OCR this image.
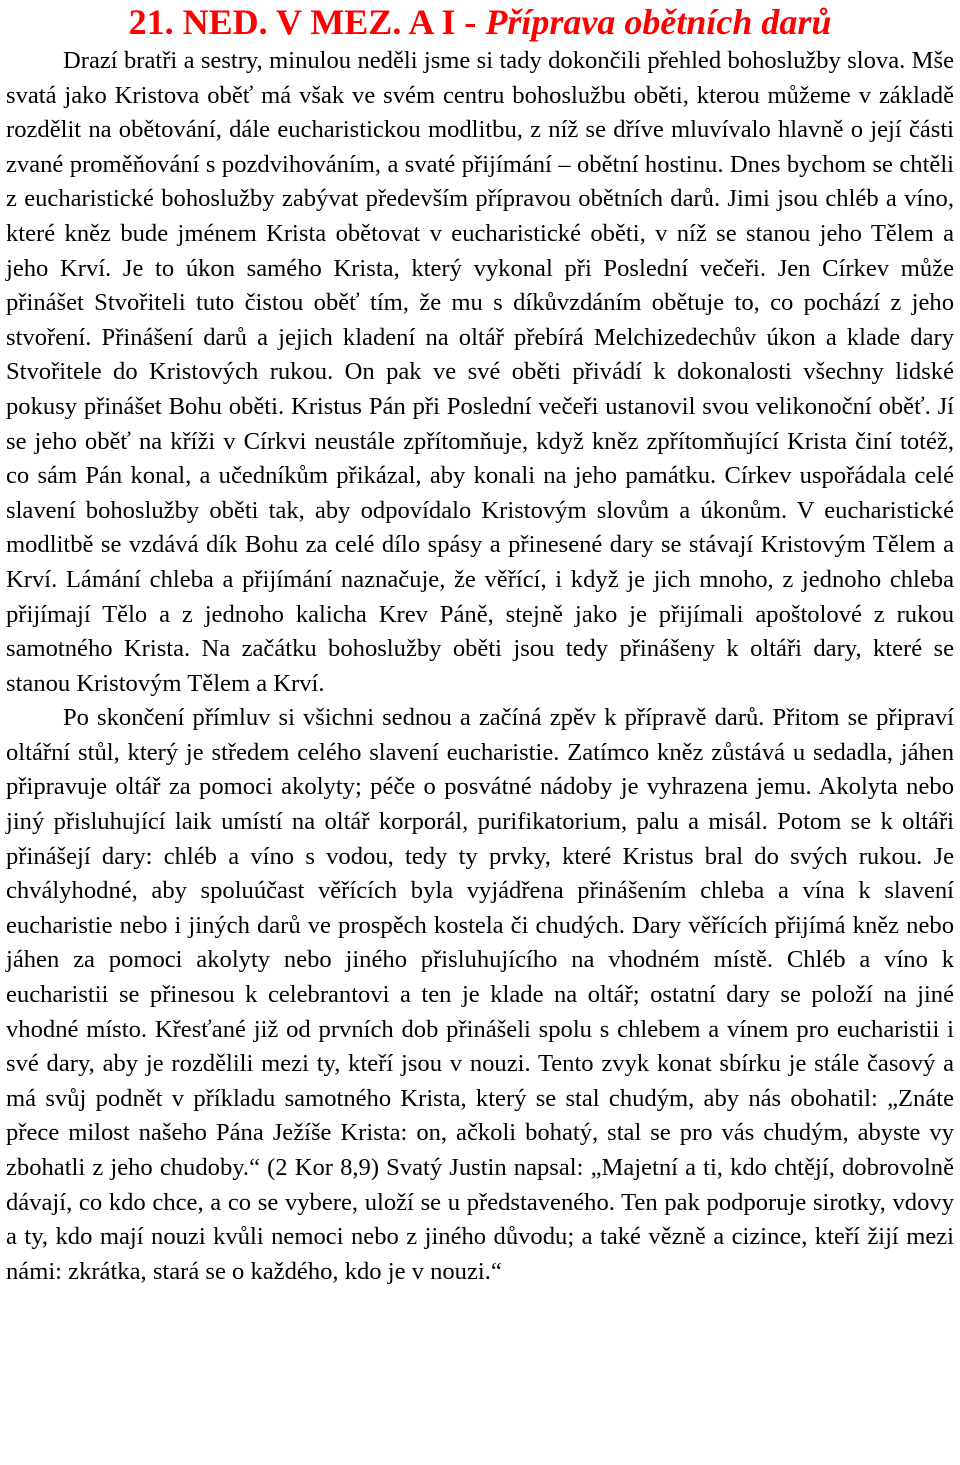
21. NED. V MEZ. A I - Příprava obětních darů

Drazí bratři a sestry, minulou neděli jsme si tady dokončili přehled bohoslužby slova. Mše svatá jako Kristova oběť má však ve svém centru bohoslužbu oběti, kterou můžeme v základě rozdělit na obětování, dále eucharistickou modlitbu, z níž se dříve mluvívalo hlavně o její části zvané proměňování s pozdvihováním, a svaté přijímání – obětní hostinu. Dnes bychom se chtěli z eucharistické bohoslužby zabývat především přípravou obětních darů. Jimi jsou chléb a víno, které kněz bude jménem Krista obětovat v eucharistické oběti, v níž se stanou jeho Tělem a jeho Krví. Je to úkon samého Krista, který vykonal při Poslední večeři. Jen Církev může přinášet Stvořiteli tuto čistou oběť tím, že mu s díkůvzdáním obětuje to, co pochází z jeho stvoření. Přinášení darů a jejich kladení na oltář přebírá Melchizedechův úkon a klade dary Stvořitele do Kristových rukou. On pak ve své oběti přivádí k dokonalosti všechny lidské pokusy přinášet Bohu oběti. Kristus Pán při Poslední večeři ustanovil svou velikonoční oběť. Jí se jeho oběť na kříži v Církvi neustále zpřítomňuje, když kněz zpřítomňující Krista činí totéž, co sám Pán konal, a učedníkům přikázal, aby konali na jeho památku. Církev uspořádala celé slavení bohoslužby oběti tak, aby odpovídalo Kristovým slovům a úkonům. V eucharistické modlitbě se vzdává dík Bohu za celé dílo spásy a přinesené dary se stávají Kristovým Tělem a Krví. Lámání chleba a přijímání naznačuje, že věřící, i když je jich mnoho, z jednoho chleba přijímají Tělo a z jednoho kalicha Krev Páně, stejně jako je přijímali apoštolové z rukou samotného Krista. Na začátku bohoslužby oběti jsou tedy přinášeny k oltáři dary, které se stanou Kristovým Tělem a Krví.

Po skončení přímluv si všichni sednou a začíná zpěv k přípravě darů. Přitom se připraví oltářní stůl, který je středem celého slavení eucharistie. Zatímco kněz zůstává u sedadla, jáhen připravuje oltář za pomoci akolyty; péče o posvátné nádoby je vyhrazena jemu. Akolyta nebo jiný přisluhující laik umístí na oltář korporál, purifikatorium, palu a misál. Potom se k oltáři přinášejí dary: chléb a víno s vodou, tedy ty prvky, které Kristus bral do svých rukou. Je chvályhodné, aby spoluúčast věřících byla vyjádřena přinášením chleba a vína k slavení eucharistie nebo i jiných darů ve prospěch kostela či chudých. Dary věřících přijímá kněz nebo jáhen za pomoci akolyty nebo jiného přisluhujícího na vhodném místě. Chléb a víno k eucharistii se přinesou k celebrantovi a ten je klade na oltář; ostatní dary se položí na jiné vhodné místo. Křesťané již od prvních dob přinášeli spolu s chlebem a vínem pro eucharistii i své dary, aby je rozdělili mezi ty, kteří jsou v nouzi. Tento zvyk konat sbírku je stále časový a má svůj podnět v příkladu samotného Krista, který se stal chudým, aby nás obohatil: „Znáte přece milost našeho Pána Ježíše Krista: on, ačkoli bohatý, stal se pro vás chudým, abyste vy zbohatli z jeho chudoby.“ (2 Kor 8,9) Svatý Justin napsal: „Majetní a ti, kdo chtějí, dobrovolně dávají, co kdo chce, a co se vybere, uloží se u představeného. Ten pak podporuje sirotky, vdovy a ty, kdo mají nouzi kvůli nemoci nebo z jiného důvodu; a také vězně a cizince, kteří žijí mezi námi: zkrátka, stará se o každého, kdo je v nouzi.“
